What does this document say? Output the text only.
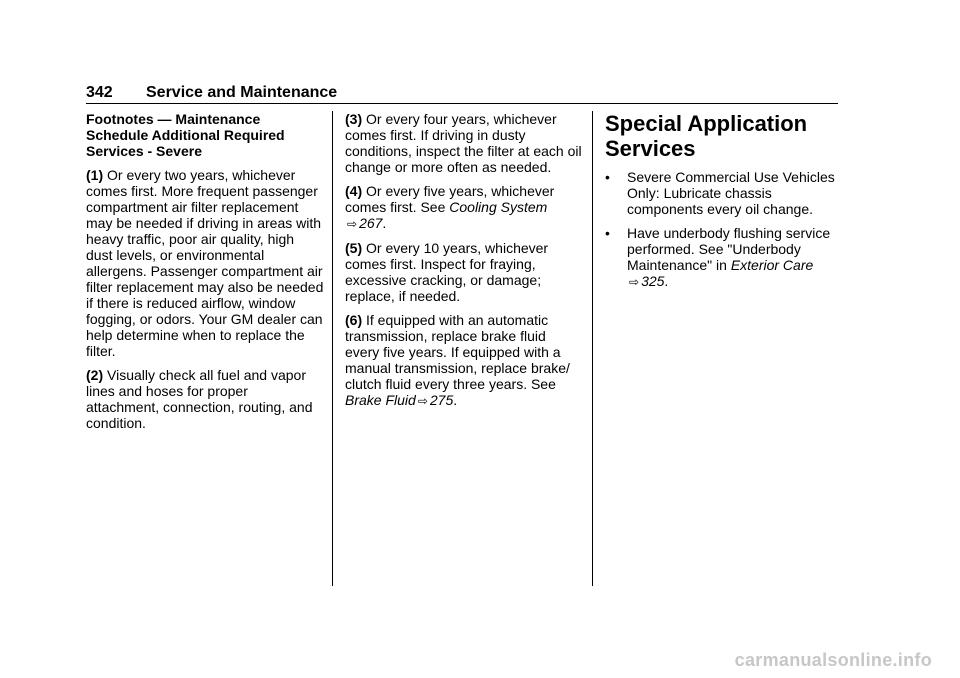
342 Service and Maintenance

Footnotes — Maintenance Schedule Additional Required Services - Severe

(1) Or every two years, whichever comes first. More frequent passenger compartment air filter replacement may be needed if driving in areas with heavy traffic, poor air quality, high dust levels, or environmental allergens. Passenger compartment air filter replacement may also be needed if there is reduced airflow, window fogging, or odors. Your GM dealer can help determine when to replace the filter.

(2) Visually check all fuel and vapor lines and hoses for proper attachment, connection, routing, and condition.

(3) Or every four years, whichever comes first. If driving in dusty conditions, inspect the filter at each oil change or more often as needed.

(4) Or every five years, whichever comes first. See Cooling System
⇨ 267.

(5) Or every 10 years, whichever comes first. Inspect for fraying, excessive cracking, or damage; replace, if needed.

(6) If equipped with an automatic transmission, replace brake fluid every five years. If equipped with a manual transmission, replace brake/ clutch fluid every three years. See Brake Fluid ⇨ 275.

Special Application Services
• Severe Commercial Use Vehicles Only: Lubricate chassis components every oil change.
• Have underbody flushing service performed. See "Underbody Maintenance" in Exterior Care
⇨ 325.
carmanualsonline.info
